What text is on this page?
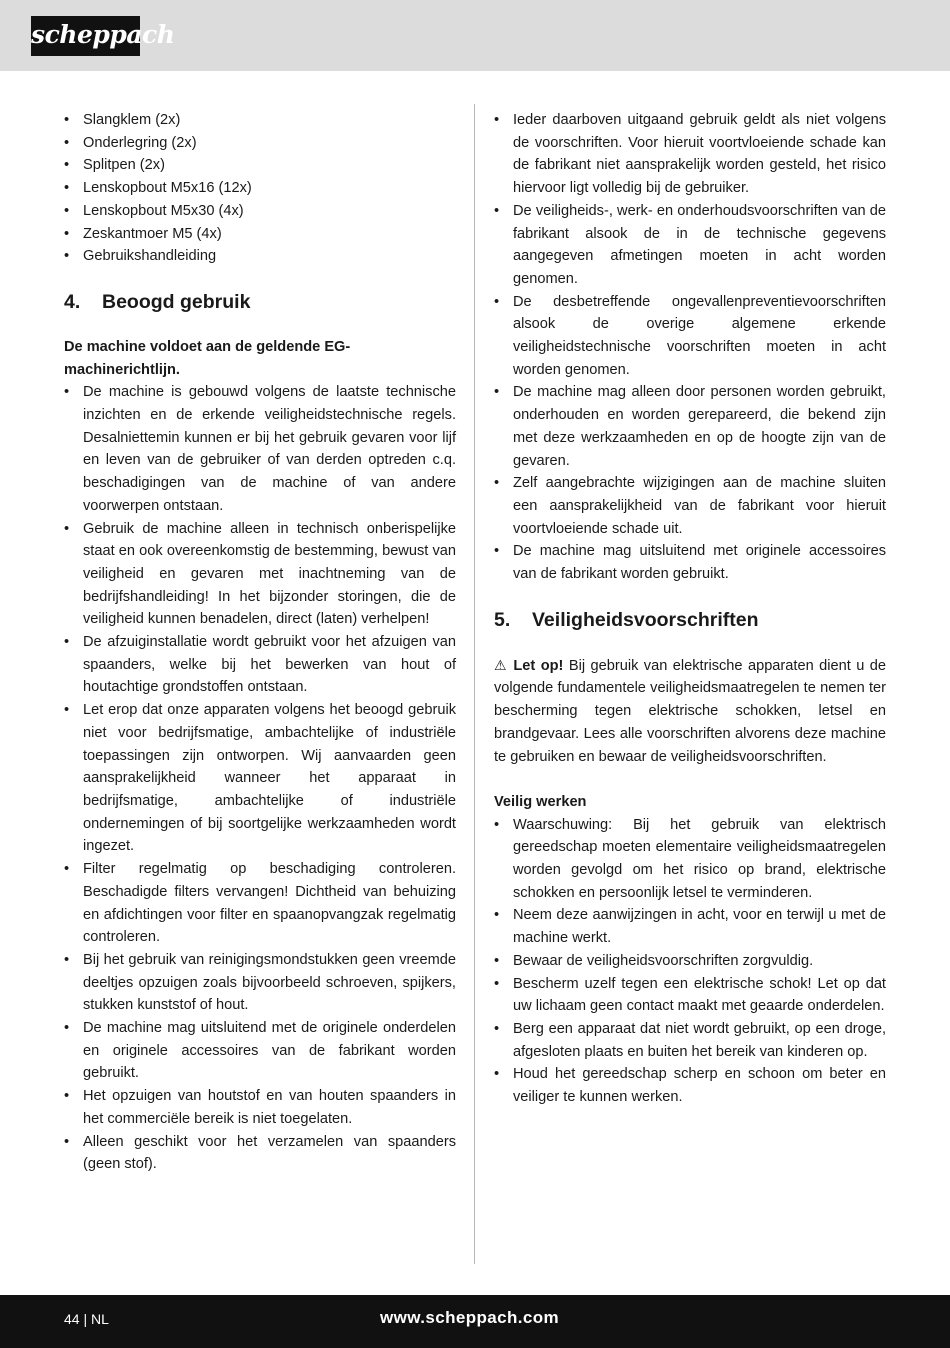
scheppach
• Slangklem (2x)
• Onderlegring (2x)
• Splitpen (2x)
• Lenskopbout M5x16 (12x)
• Lenskopbout M5x30 (4x)
• Zeskantmoer M5 (4x)
• Gebruikshandleiding
4. Beoogd gebruik

De machine voldoet aan de geldende EG-machinerichtlijn.

• De machine is gebouwd volgens de laatste technische inzichten en de erkende veiligheidstechnische regels. Desalniettemin kunnen er bij het gebruik gevaren voor lijf en leven van de gebruiker of van derden optreden c.q. beschadigingen van de machine of van andere voorwerpen ontstaan.
• Gebruik de machine alleen in technisch onberispelijke staat en ook overeenkomstig de bestemming, bewust van veiligheid en gevaren met inachtneming van de bedrijfshandleiding! In het bijzonder storingen, die de veiligheid kunnen benadelen, direct (laten) verhelpen!
• De afzuiginstallatie wordt gebruikt voor het afzuigen van spaanders, welke bij het bewerken van hout of houtachtige grondstoffen ontstaan.
• Let erop dat onze apparaten volgens het beoogd gebruik niet voor bedrijfsmatige, ambachtelijke of industriële toepassingen zijn ontworpen. Wij aanvaarden geen aansprakelijkheid wanneer het apparaat in bedrijfsmatige, ambachtelijke of industriële ondernemingen of bij soortgelijke werkzaamheden wordt ingezet.
• Filter regelmatig op beschadiging controleren. Beschadigde filters vervangen! Dichtheid van behuizing en afdichtingen voor filter en spaanopvangzak regelmatig controleren.
• Bij het gebruik van reinigingsmondstukken geen vreemde deeltjes opzuigen zoals bijvoorbeeld schroeven, spijkers, stukken kunststof of hout.
• De machine mag uitsluitend met de originele onderdelen en originele accessoires van de fabrikant worden gebruikt.
• Het opzuigen van houtstof en van houten spaanders in het commerciële bereik is niet toegelaten.
• Alleen geschikt voor het verzamelen van spaanders (geen stof).
• Ieder daarboven uitgaand gebruik geldt als niet volgens de voorschriften. Voor hieruit voortvloeiende schade kan de fabrikant niet aansprakelijk worden gesteld, het risico hiervoor ligt volledig bij de gebruiker.
• De veiligheids-, werk- en onderhoudsvoorschriften van de fabrikant alsook de in de technische gegevens aangegeven afmetingen moeten in acht worden genomen.
• De desbetreffende ongevallenpreventievoorschriften alsook de overige algemene erkende veiligheidstechnische voorschriften moeten in acht worden genomen.
• De machine mag alleen door personen worden gebruikt, onderhouden en worden gerepareerd, die bekend zijn met deze werkzaamheden en op de hoogte zijn van de gevaren.
• Zelf aangebrachte wijzigingen aan de machine sluiten een aansprakelijkheid van de fabrikant voor hieruit voortvloeiende schade uit.
• De machine mag uitsluitend met originele accessoires van de fabrikant worden gebruikt.
5. Veiligheidsvoorschriften

⚠ Let op! Bij gebruik van elektrische apparaten dient u de volgende fundamentele veiligheidsmaatregelen te nemen ter bescherming tegen elektrische schokken, letsel en brandgevaar. Lees alle voorschriften alvorens deze machine te gebruiken en bewaar de veiligheidsvoorschriften.

Veilig werken

• Waarschuwing: Bij het gebruik van elektrisch gereedschap moeten elementaire veiligheidsmaatregelen worden gevolgd om het risico op brand, elektrische schokken en persoonlijk letsel te verminderen.
• Neem deze aanwijzingen in acht, voor en terwijl u met de machine werkt.
• Bewaar de veiligheidsvoorschriften zorgvuldig.
• Bescherm uzelf tegen een elektrische schok! Let op dat uw lichaam geen contact maakt met geaarde onderdelen.
• Berg een apparaat dat niet wordt gebruikt, op een droge, afgesloten plaats en buiten het bereik van kinderen op.
• Houd het gereedschap scherp en schoon om beter en veiliger te kunnen werken.
44 | NL	www.scheppach.com
